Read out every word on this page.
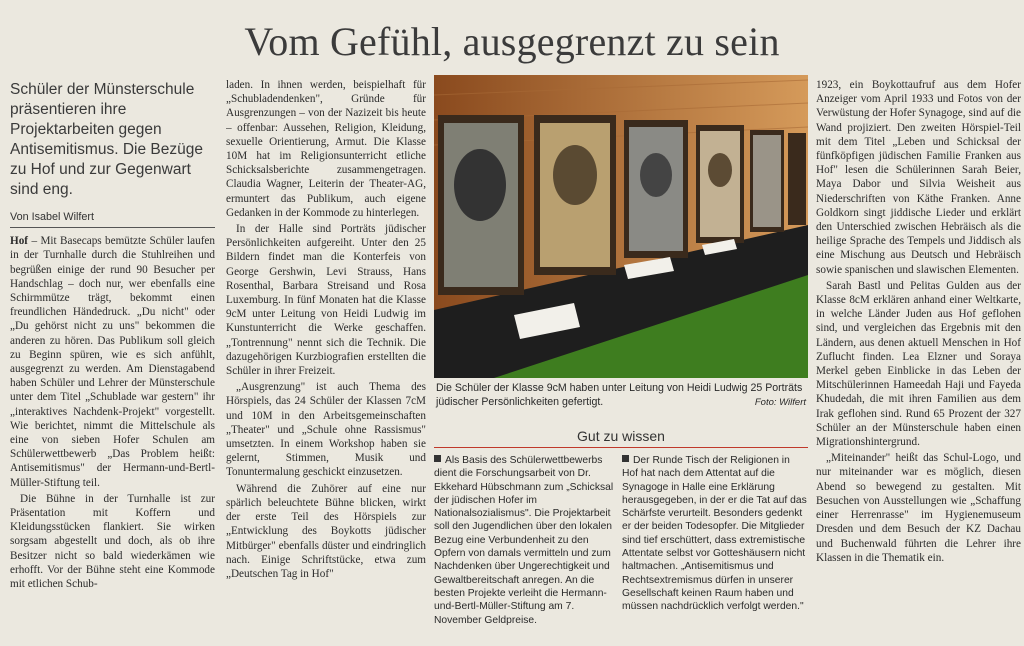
Vom Gefühl, ausgegrenzt zu sein
Schüler der Münsterschule präsentieren ihre Projektarbeiten gegen Antisemitismus. Die Bezüge zu Hof und zur Gegenwart sind eng.
Von Isabel Wilfert

Hof – Mit Basecaps bemützte Schüler laufen in der Turnhalle durch die Stuhlreihen und begrüßen einige der rund 90 Besucher per Handschlag – doch nur, wer ebenfalls eine Schirmmütze trägt, bekommt einen freundlichen Händedruck. „Du nicht" oder „Du gehörst nicht zu uns" bekommen die anderen zu hören. Das Publikum soll gleich zu Beginn spüren, wie es sich anfühlt, ausgegrenzt zu werden. Am Dienstagabend haben Schüler und Lehrer der Münsterschule unter dem Titel „Schublade war gestern" ihr „interaktives Nachdenk-Projekt" vorgestellt. Wie berichtet, nimmt die Mittelschule als eine von sieben Hofer Schulen am Schülerwettbewerb „Das Problem heißt: Antisemitismus" der Hermann-und-Bertl-Müller-Stiftung teil.

Die Bühne in der Turnhalle ist zur Präsentation mit Koffern und Kleidungsstücken flankiert. Sie wirken sorgsam abgestellt und doch, als ob ihre Besitzer nicht so bald wiederkämen wie erhofft. Vor der Bühne steht eine Kommode mit etlichen Schub-

laden. In ihnen werden, beispielhaft für „Schubladendenken", Gründe für Ausgrenzungen – von der Nazizeit bis heute – offenbar: Aussehen, Religion, Kleidung, sexuelle Orientierung, Armut. Die Klasse 10M hat im Religionsunterricht etliche Schicksalsberichte zusammengetragen. Claudia Wagner, Leiterin der Theater-AG, ermuntert das Publikum, auch eigene Gedanken in der Kommode zu hinterlegen.

In der Halle sind Porträts jüdischer Persönlichkeiten aufgereiht. Unter den 25 Bildern findet man die Konterfeis von George Gershwin, Levi Strauss, Hans Rosenthal, Barbara Streisand und Rosa Luxemburg. In fünf Monaten hat die Klasse 9cM unter Leitung von Heidi Ludwig im Kunstunterricht die Werke geschaffen. „Tontrennung" nennt sich die Technik. Die dazugehörigen Kurzbiografien erstellten die Schüler in ihrer Freizeit.

„Ausgrenzung" ist auch Thema des Hörspiels, das 24 Schüler der Klassen 7cM und 10M in den Arbeitsgemeinschaften „Theater" und „Schule ohne Rassismus" umsetzten. In einem Workshop haben sie gelernt, Stimmen, Musik und Tonuntermalung geschickt einzusetzen.

Während die Zuhörer auf eine nur spärlich beleuchtete Bühne blicken, wirkt der erste Teil des Hörspiels zur „Entwicklung des Boykotts jüdischer Mitbürger" ebenfalls düster und eindringlich nach. Einige Schriftstücke, etwa zum „Deutschen Tag in Hof"

Die Schüler der Klasse 9cM haben unter Leitung von Heidi Ludwig 25 Porträts jüdischer Persönlichkeiten gefertigt.	Foto: Wilfert
Gut zu wissen
Als Basis des Schülerwettbewerbs dient die Forschungsarbeit von Dr. Ekkehard Hübschmann zum „Schicksal der jüdischen Hofer im Nationalsozialismus". Die Projektarbeit soll den Jugendlichen über den lokalen Bezug eine Verbundenheit zu den Opfern von damals vermitteln und zum Nachdenken über Ungerechtigkeit und Gewaltbereitschaft anregen. An die besten Projekte verleiht die Hermann-und-Bertl-Müller-Stiftung am 7. November Geldpreise.
Der Runde Tisch der Religionen in Hof hat nach dem Attentat auf die Synagoge in Halle eine Erklärung herausgegeben, in der er die Tat auf das Schärfste verurteilt. Besonders gedenkt er der beiden Todesopfer. Die Mitglieder sind tief erschüttert, dass extremistische Attentate selbst vor Gotteshäusern nicht haltmachen. „Antisemitismus und Rechtsextremismus dürfen in unserer Gesellschaft keinen Raum haben und müssen nachdrücklich verfolgt werden."

1923, ein Boykottaufruf aus dem Hofer Anzeiger vom April 1933 und Fotos von der Verwüstung der Hofer Synagoge, sind auf die Wand projiziert. Den zweiten Hörspiel-Teil mit dem Titel „Leben und Schicksal der fünfköpfigen jüdischen Familie Franken aus Hof" lesen die Schülerinnen Sarah Beier, Maya Dabor und Silvia Weisheit aus Niederschriften von Käthe Franken. Anne Goldkorn singt jiddische Lieder und erklärt den Unterschied zwischen Hebräisch als die heilige Sprache des Tempels und Jiddisch als eine Mischung aus Deutsch und Hebräisch sowie spanischen und slawischen Elementen.

Sarah Bastl und Pelitas Gulden aus der Klasse 8cM erklären anhand einer Weltkarte, in welche Länder Juden aus Hof geflohen sind, und vergleichen das Ergebnis mit den Ländern, aus denen aktuell Menschen in Hof Zuflucht finden. Lea Elzner und Soraya Merkel geben Einblicke in das Leben der Mitschülerinnen Hameedah Haji und Fayeda Khudedah, die mit ihren Familien aus dem Irak geflohen sind. Rund 65 Prozent der 327 Schüler an der Münsterschule haben einen Migrationshintergrund.

„Miteinander" heißt das Schul-Logo, und nur miteinander war es möglich, diesen Abend so bewegend zu gestalten. Mit Besuchen von Ausstellungen wie „Schaffung einer Herrenrasse" im Hygienemuseum Dresden und dem Besuch der KZ Dachau und Buchenwald führten die Lehrer ihre Klassen in die Thematik ein.
